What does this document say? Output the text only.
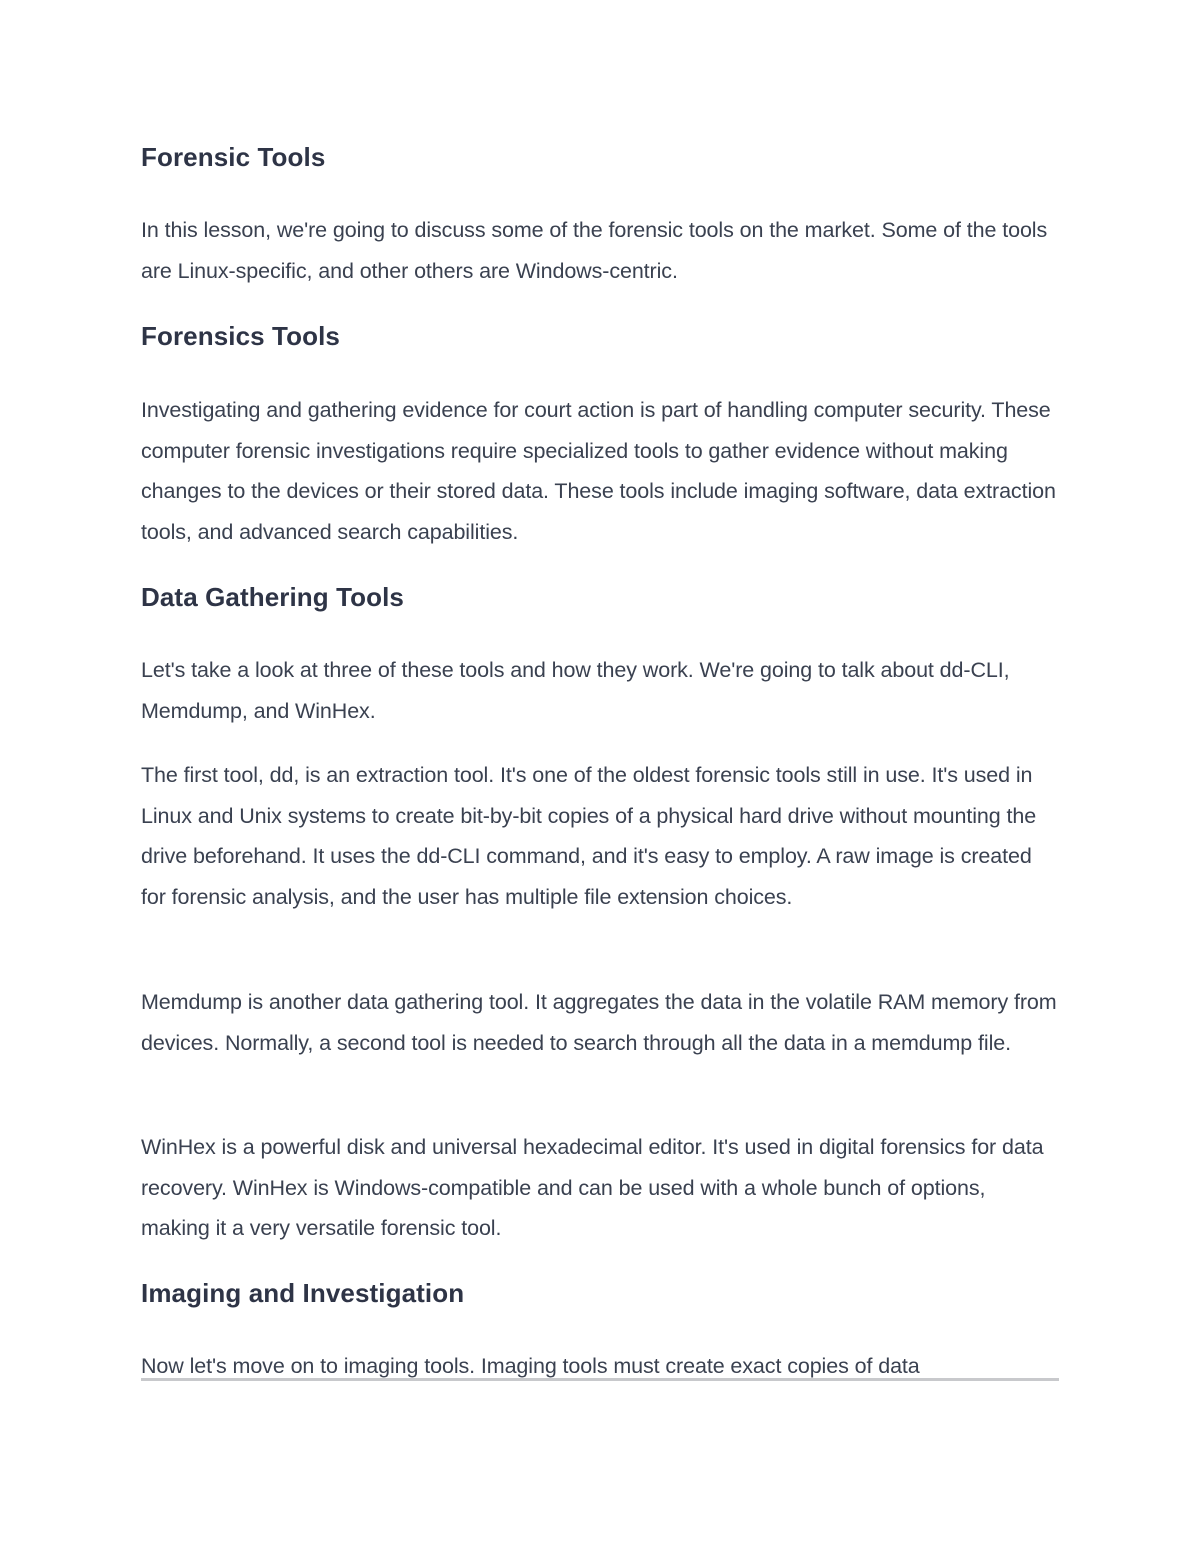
Forensic Tools

In this lesson, we're going to discuss some of the forensic tools on the market. Some of the tools are Linux-specific, and other others are Windows-centric.

Forensics Tools

Investigating and gathering evidence for court action is part of handling computer security. These computer forensic investigations require specialized tools to gather evidence without making changes to the devices or their stored data. These tools include imaging software, data extraction tools, and advanced search capabilities.

Data Gathering Tools

Let's take a look at three of these tools and how they work. We're going to talk about dd-CLI, Memdump, and WinHex.

The first tool, dd, is an extraction tool. It's one of the oldest forensic tools still in use. It's used in Linux and Unix systems to create bit-by-bit copies of a physical hard drive without mounting the drive beforehand. It uses the dd-CLI command, and it's easy to employ. A raw image is created for forensic analysis, and the user has multiple file extension choices.

Memdump is another data gathering tool. It aggregates the data in the volatile RAM memory from devices. Normally, a second tool is needed to search through all the data in a memdump file.

WinHex is a powerful disk and universal hexadecimal editor. It's used in digital forensics for data recovery. WinHex is Windows-compatible and can be used with a whole bunch of options, making it a very versatile forensic tool.

Imaging and Investigation

Now let's move on to imaging tools. Imaging tools must create exact copies of data
